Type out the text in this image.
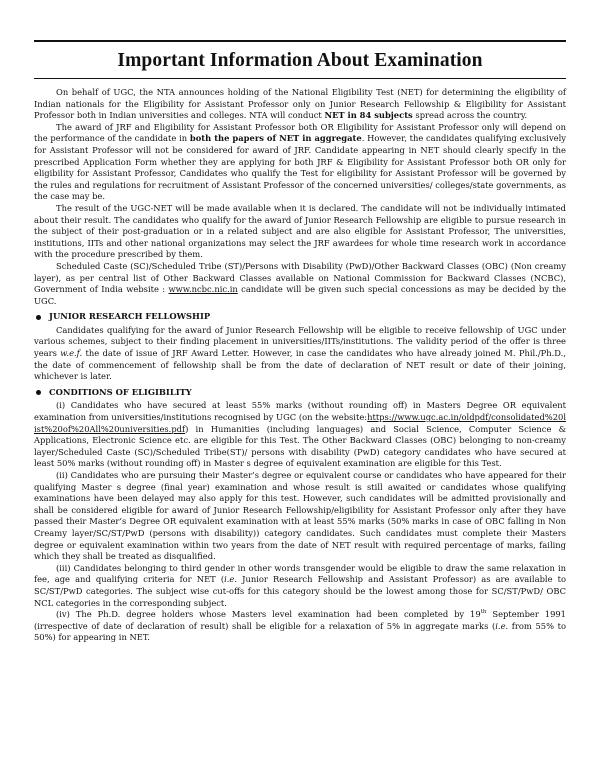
Important Information About Examination

On behalf of UGC, the NTA announces holding of the National Eligibility Test (NET) for determining the eligibility of Indian nationals for the Eligibility for Assistant Professor only on Junior Research Fellowship & Eligibility for Assistant Professor both in Indian universities and colleges. NTA will conduct NET in 84 subjects spread across the country.

The award of JRF and Eligibility for Assistant Professor both OR Eligibility for Assistant Professor only will depend on the performance of the candidate in both the papers of NET in aggregate. However, the candidates qualifying exclusively for Assistant Professor will not be considered for award of JRF. Candidate appearing in NET should clearly specify in the prescribed Application Form whether they are applying for both JRF & Eligibility for Assistant Professor both OR only for eligibility for Assistant Professor, Candidates who qualify the Test for eligibility for Assistant Professor will be governed by the rules and regulations for recruitment of Assistant Professor of the concerned universities/ colleges/state governments, as the case may be.

The result of the UGC-NET will be made available when it is declared. The candidate will not be individually intimated about their result. The candidates who qualify for the award of Junior Research Fellowship are eligible to pursue research in the subject of their post-graduation or in a related subject and are also eligible for Assistant Professor, The universities, institutions, IITs and other national organizations may select the JRF awardees for whole time research work in accordance with the procedure prescribed by them.

Scheduled Caste (SC)/Scheduled Tribe (ST)/Persons with Disability (PwD)/Other Backward Classes (OBC) (Non creamy layer), as per central list of Other Backward Classes available on National Commission for Backward Classes (NCBC), Government of India website : www.ncbc.nic.in candidate will be given such special concessions as may be decided by the UGC.

JUNIOR RESEARCH FELLOWSHIP

Candidates qualifying for the award of Junior Research Fellowship will be eligible to receive fellowship of UGC under various schemes, subject to their finding placement in universities/IITs/institutions. The validity period of the offer is three years w.e.f. the date of issue of JRF Award Letter. However, in case the candidates who have already joined M. Phil./Ph.D., the date of commencement of fellowship shall be from the date of declaration of NET result or date of their joining, whichever is later.

CONDITIONS OF ELIGIBILITY

(i) Candidates who have secured at least 55% marks (without rounding off) in Masters Degree OR equivalent examination from universities/institutions recognised by UGC (on the website:https://www.ugc.ac.in/oldpdf/consolidated%20list%20of%20All%20universities.pdf) in Humanities (including languages) and Social Science, Computer Science & Applications, Electronic Science etc. are eligible for this Test. The Other Backward Classes (OBC) belonging to non-creamy layer/Scheduled Caste (SC)/Scheduled Tribe(ST)/ persons with disability (PwD) category candidates who have secured at least 50% marks (without rounding off) in Master s degree of equivalent examination are eligible for this Test.

(ii) Candidates who are pursuing their Master’s degree or equivalent course or candidates who have appeared for their qualifying Master s degree (final year) examination and whose result is still awaited or candidates whose qualifying examinations have been delayed may also apply for this test. However, such candidates will be admitted provisionally and shall be considered eligible for award of Junior Research Fellowship/eligibility for Assistant Professor only after they have passed their Master’s Degree OR equivalent examination with at least 55% marks (50% marks in case of OBC falling in Non Creamy layer/SC/ST/PwD (persons with disability)) category candidates. Such candidates must complete their Masters degree or equivalent examination within two years from the date of NET result with required percentage of marks, failing which they shall be treated as disqualified.

(iii) Candidates belonging to third gender in other words transgender would be eligible to draw the same relaxation in fee, age and qualifying criteria for NET (i.e. Junior Research Fellowship and Assistant Professor) as are available to SC/ST/PwD categories. The subject wise cut-offs for this category should be the lowest among those for SC/ST/PwD/ OBC NCL categories in the corresponding subject.

(iv) The Ph.D. degree holders whose Masters level examination had been completed by 19th September 1991 (irrespective of date of declaration of result) shall be eligible for a relaxation of 5% in aggregate marks (i.e. from 55% to 50%) for appearing in NET.
